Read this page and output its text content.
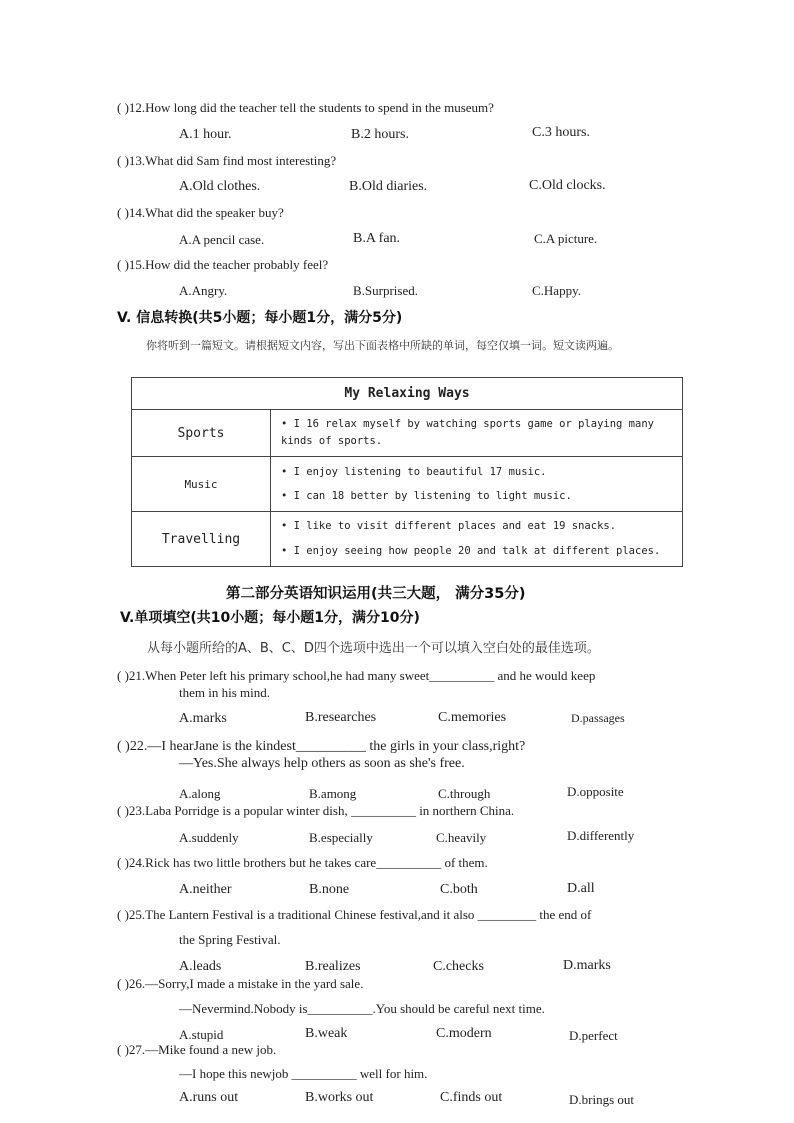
( )12.How long did the teacher tell the students to spend in the museum?
A.1 hour.	B.2 hours.	C.3 hours.
( )13.What did Sam find most interesting?
A.Old clothes.	B.Old diaries.	C.Old clocks.
( )14.What did the speaker buy?
A.A pencil case.	B.A fan.	C.A picture.
( )15.How did the teacher probably feel?
A.Angry.	B.Surprised.	C.Happy.
V. 信息转换(共5小题；每小题1分，满分5分)
你将听到一篇短文。请根据短文内容，写出下面表格中所缺的单词，每空仅填一词。短文读两遍。
My Relaxing Ways	
Sports	• I 16 relax myself by watching sports game or playing many
kinds of sports.

Music	• I enjoy listening to beautiful 17 music.
• I can 18 better by listening to light music.

Travelling	• I like to visit different places and eat 19 snacks.
• I enjoy seeing how people 20 and talk at different places.
第二部分英语知识运用(共三大题， 满分35分)
V.单项填空(共10小题；每小题1分，满分10分)
从每小题所给的A、B、C、D四个选项中选出一个可以填入空白处的最佳选项。
( )21.When Peter left his primary school,he had many sweet__________ and he would keep
them in his mind.
A.marks	B.researches	C.memories	D.passages
( )22.—I hearJane is the kindest__________ the girls in your class,right?
—Yes.She always help others as soon as she's free.
A.along	B.among	C.through	D.opposite
( )23.Laba Porridge is a popular winter dish, __________ in northern China.
A.suddenly	B.especially	C.heavily	D.differently
( )24.Rick has two little brothers but he takes care__________ of them.
A.neither	B.none	C.both	D.all
( )25.The Lantern Festival is a traditional Chinese festival,and it also _________ the end of
the Spring Festival.
A.leads	B.realizes	C.checks	D.marks
( )26.—Sorry,I made a mistake in the yard sale.
—Nevermind.Nobody is__________.You should be careful next time.
A.stupid	B.weak	C.modern	D.perfect
( )27.—Mike found a new job.
—I hope this newjob __________ well for him.
A.runs out	B.works out	C.finds out	D.brings out
